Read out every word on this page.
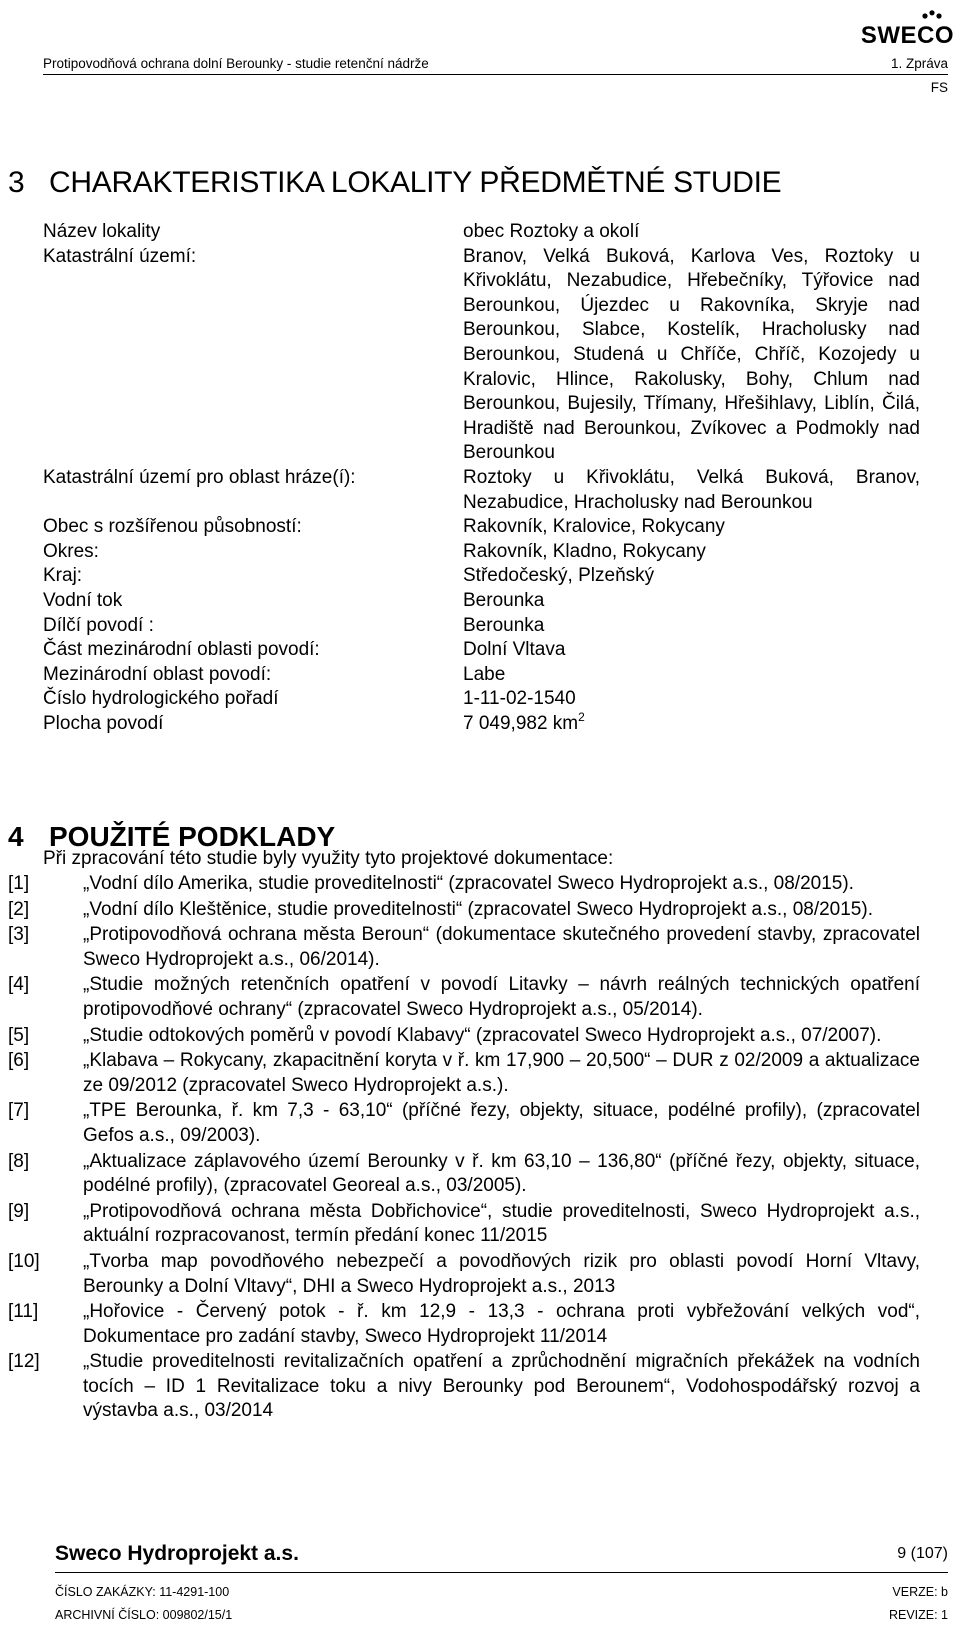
SWECO
Protipovodňová ochrana dolní Berounky - studie retenční nádrže	1. Zpráva
FS
3 CHARAKTERISTIKA LOKALITY PŘEDMĚTNÉ STUDIE
Název lokality	obec Roztoky a okolí
Katastrální území:	Branov, Velká Buková, Karlova Ves, Roztoky u Křivoklátu, Nezabudice, Hřebečníky, Týřovice nad Berounkou, Újezdec u Rakovníka, Skryje nad Berounkou, Slabce, Kostelík, Hracholusky nad Berounkou, Studená u Chříče, Chříč, Kozojedy u Kralovic, Hlince, Rakolusky, Bohy, Chlum nad Berounkou, Bujesily, Třímany, Hřešihlavy, Liblín, Čilá, Hradiště nad Berounkou, Zvíkovec a Podmokly nad Berounkou
Katastrální území pro oblast hráze(í):	Roztoky u Křivoklátu, Velká Buková, Branov, Nezabudice, Hracholusky nad Berounkou
Obec s rozšířenou působností:	Rakovník, Kralovice, Rokycany
Okres:	Rakovník, Kladno, Rokycany
Kraj:	Středočeský, Plzeňský
Vodní tok	Berounka
Dílčí povodí :	Berounka
Část mezinárodní oblasti povodí:	Dolní Vltava
Mezinárodní oblast povodí:	Labe
Číslo hydrologického pořadí	1-11-02-1540
Plocha povodí	7 049,982 $km^2$
4 POUŽITÉ PODKLADY
Při zpracování této studie byly využity tyto projektové dokumentace:
[1]	„Vodní dílo Amerika, studie proveditelnosti“ (zpracovatel Sweco Hydroprojekt a.s., 08/2015).
[2]	„Vodní dílo Kleštěnice, studie proveditelnosti“ (zpracovatel Sweco Hydroprojekt a.s., 08/2015).
[3]	„Protipovodňová ochrana města Beroun“ (dokumentace skutečného provedení stavby, zpracovatel Sweco Hydroprojekt a.s., 06/2014).
[4]	„Studie možných retenčních opatření v povodí Litavky – návrh reálných technických opatření protipovodňové ochrany“ (zpracovatel Sweco Hydroprojekt a.s., 05/2014).
[5]	„Studie odtokových poměrů v povodí Klabavy“ (zpracovatel Sweco Hydroprojekt a.s., 07/2007).
[6]	„Klabava – Rokycany, zkapacitnění koryta v ř. km 17,900 – 20,500“ – DUR z 02/2009 a aktualizace ze 09/2012 (zpracovatel Sweco Hydroprojekt a.s.).
[7]	„TPE Berounka, ř. km 7,3 - 63,10“ (příčné řezy, objekty, situace, podélné profily), (zpracovatel Gefos a.s., 09/2003).
[8]	„Aktualizace záplavového území Berounky v ř. km 63,10 – 136,80“ (příčné řezy, objekty, situace, podélné profily), (zpracovatel Georeal a.s., 03/2005).
[9]	„Protipovodňová ochrana města Dobřichovice“, studie proveditelnosti, Sweco Hydroprojekt a.s., aktuální rozpracovanost, termín předání konec 11/2015
[10]	„Tvorba map povodňového nebezpečí a povodňových rizik pro oblasti povodí Horní Vltavy, Berounky a Dolní Vltavy“, DHI a Sweco Hydroprojekt a.s., 2013
[11]	„Hořovice - Červený potok - ř. km 12,9 - 13,3 - ochrana proti vybřežování velkých vod“, Dokumentace pro zadání stavby, Sweco Hydroprojekt 11/2014
[12]	„Studie proveditelnosti revitalizačních opatření a zprůchodnění migračních překážek na vodních tocích – ID 1 Revitalizace toku a nivy Berounky pod Berounem“, Vodohospodářský rozvoj a výstavba a.s., 03/2014
Sweco Hydroprojekt a.s.	9 (107)
ČÍSLO ZAKÁZKY: 11-4291-100
ARCHIVNÍ ČÍSLO: 009802/15/1
VERZE: b
REVIZE: 1
